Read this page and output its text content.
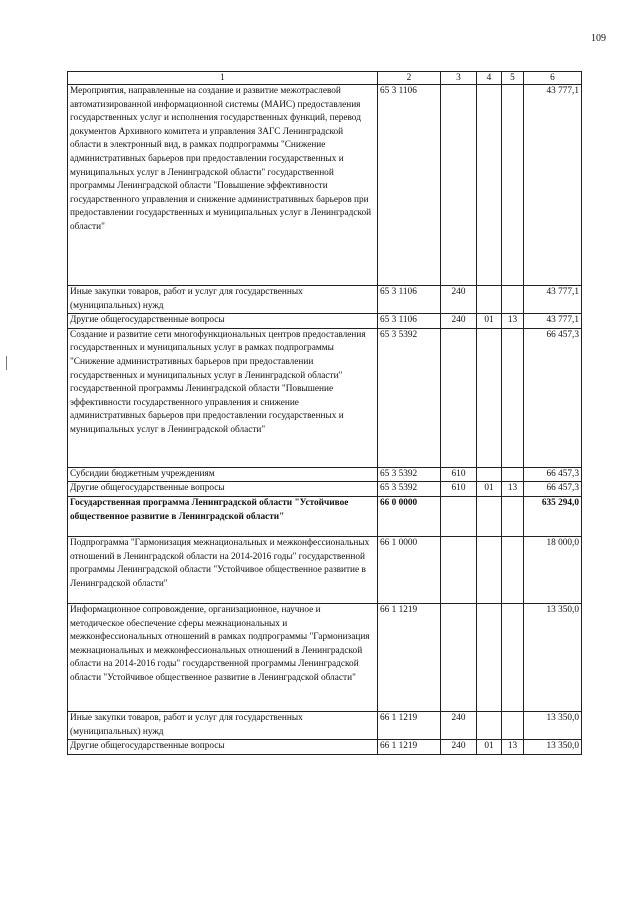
109
1	2	3	4	5	6
Мероприятия, направленные на создание и развитие межотраслевой автоматизированной информационной системы (МАИС) предоставления государственных услуг и исполнения государственных функций, перевод документов Архивного комитета и управления ЗАГС Ленинградской области в электронный вид, в рамках подпрограммы "Снижение административных барьеров при предоставлении государственных и муниципальных услуг в Ленинградской области" государственной программы Ленинградской области "Повышение эффективности государственного управления и снижение административных барьеров при предоставлении государственных и муниципальных услуг в Ленинградской области"	65 3 1106				43 777,1
Иные закупки товаров, работ и услуг для государственных (муниципальных) нужд	65 3 1106	240			43 777,1
Другие общегосударственные вопросы	65 3 1106	240	01	13	43 777,1
Создание и развитие сети многофункциональных центров предоставления государственных и муниципальных услуг в рамках подпрограммы "Снижение административных барьеров при предоставлении государственных и муниципальных услуг в Ленинградской области" государственной программы Ленинградской области "Повышение эффективности государственного управления и снижение административных барьеров при предоставлении государственных и муниципальных услуг в Ленинградской области"	65 3 5392				66 457,3
Субсидии бюджетным учреждениям	65 3 5392	610			66 457,3
Другие общегосударственные вопросы	65 3 5392	610	01	13	66 457,3
Государственная программа Ленинградской области "Устойчивое общественное развитие в Ленинградской области"	66 0 0000				635 294,0
Подпрограмма "Гармонизация межнациональных и межконфессиональных отношений в Ленинградской области на 2014-2016 годы" государственной программы Ленинградской области "Устойчивое общественное развитие в Ленинградской области"	66 1 0000				18 000,0
Информационное сопровождение, организационное, научное и методическое обеспечение сферы межнациональных и межконфессиональных отношений в рамках подпрограммы "Гармонизация межнациональных и межконфессиональных отношений в Ленинградской области на 2014-2016 годы" государственной программы Ленинградской области "Устойчивое общественное развитие в Ленинградской области"	66 1 1219				13 350,0
Иные закупки товаров, работ и услуг для государственных (муниципальных) нужд	66 1 1219	240			13 350,0
Другие общегосударственные вопросы	66 1 1219	240	01	13	13 350,0
